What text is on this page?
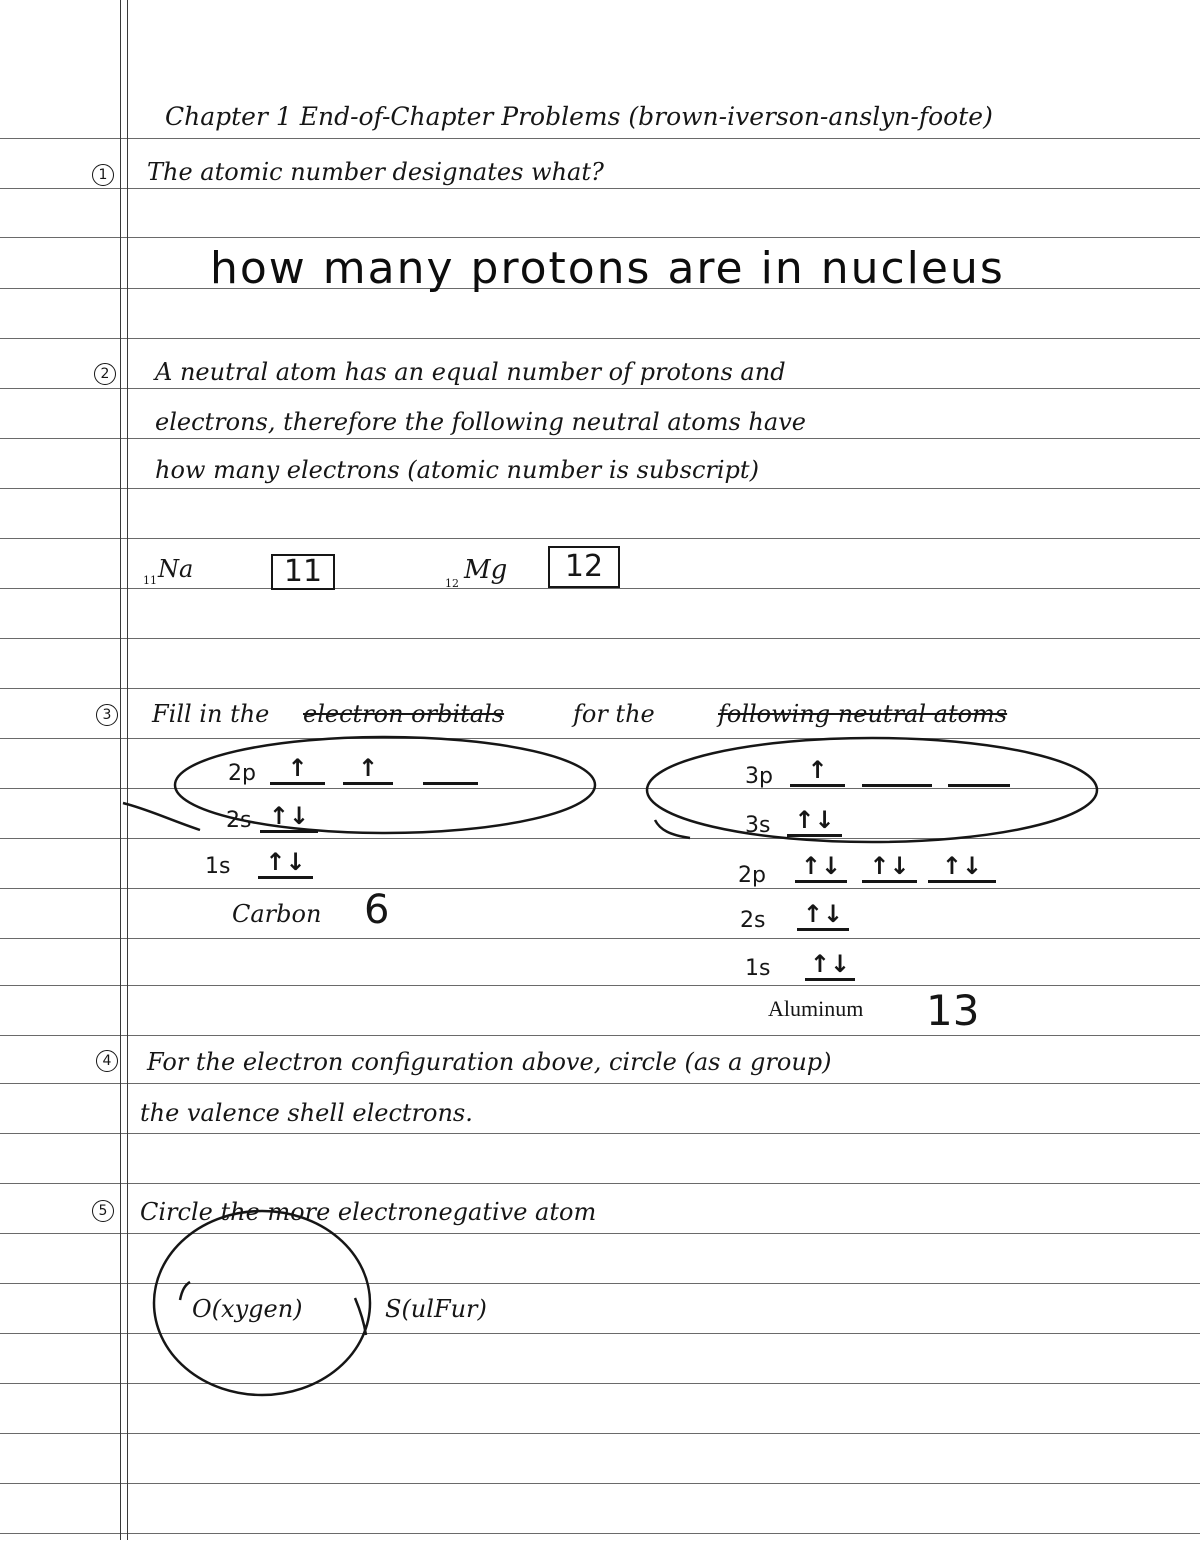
Chapter 1 End-of-Chapter Problems (brown-iverson-anslyn-foote)
1 The atomic number designates what?
how many protons are in nucleus
2 A neutral atom has an equal number of protons and
electrons, therefore the following neutral atoms have
how many electrons (atomic number is subscript)
11 Na	11	12 Mg	12
3 Fill in the electron orbitals	for the	following neutral atoms
2p	↑	↑
2s ↑↓
1s	↑↓
Carbon 6
3p	↑
3s ↑↓
2p ↑↓	↑↓	↑↓
2s ↑↓
1s ↑↓
Aluminum 13
4 For the electron configuration above, circle (as a group)
the valence shell electrons.
5 Circle the more electronegative atom
O(xygen)	S(ulFur)
